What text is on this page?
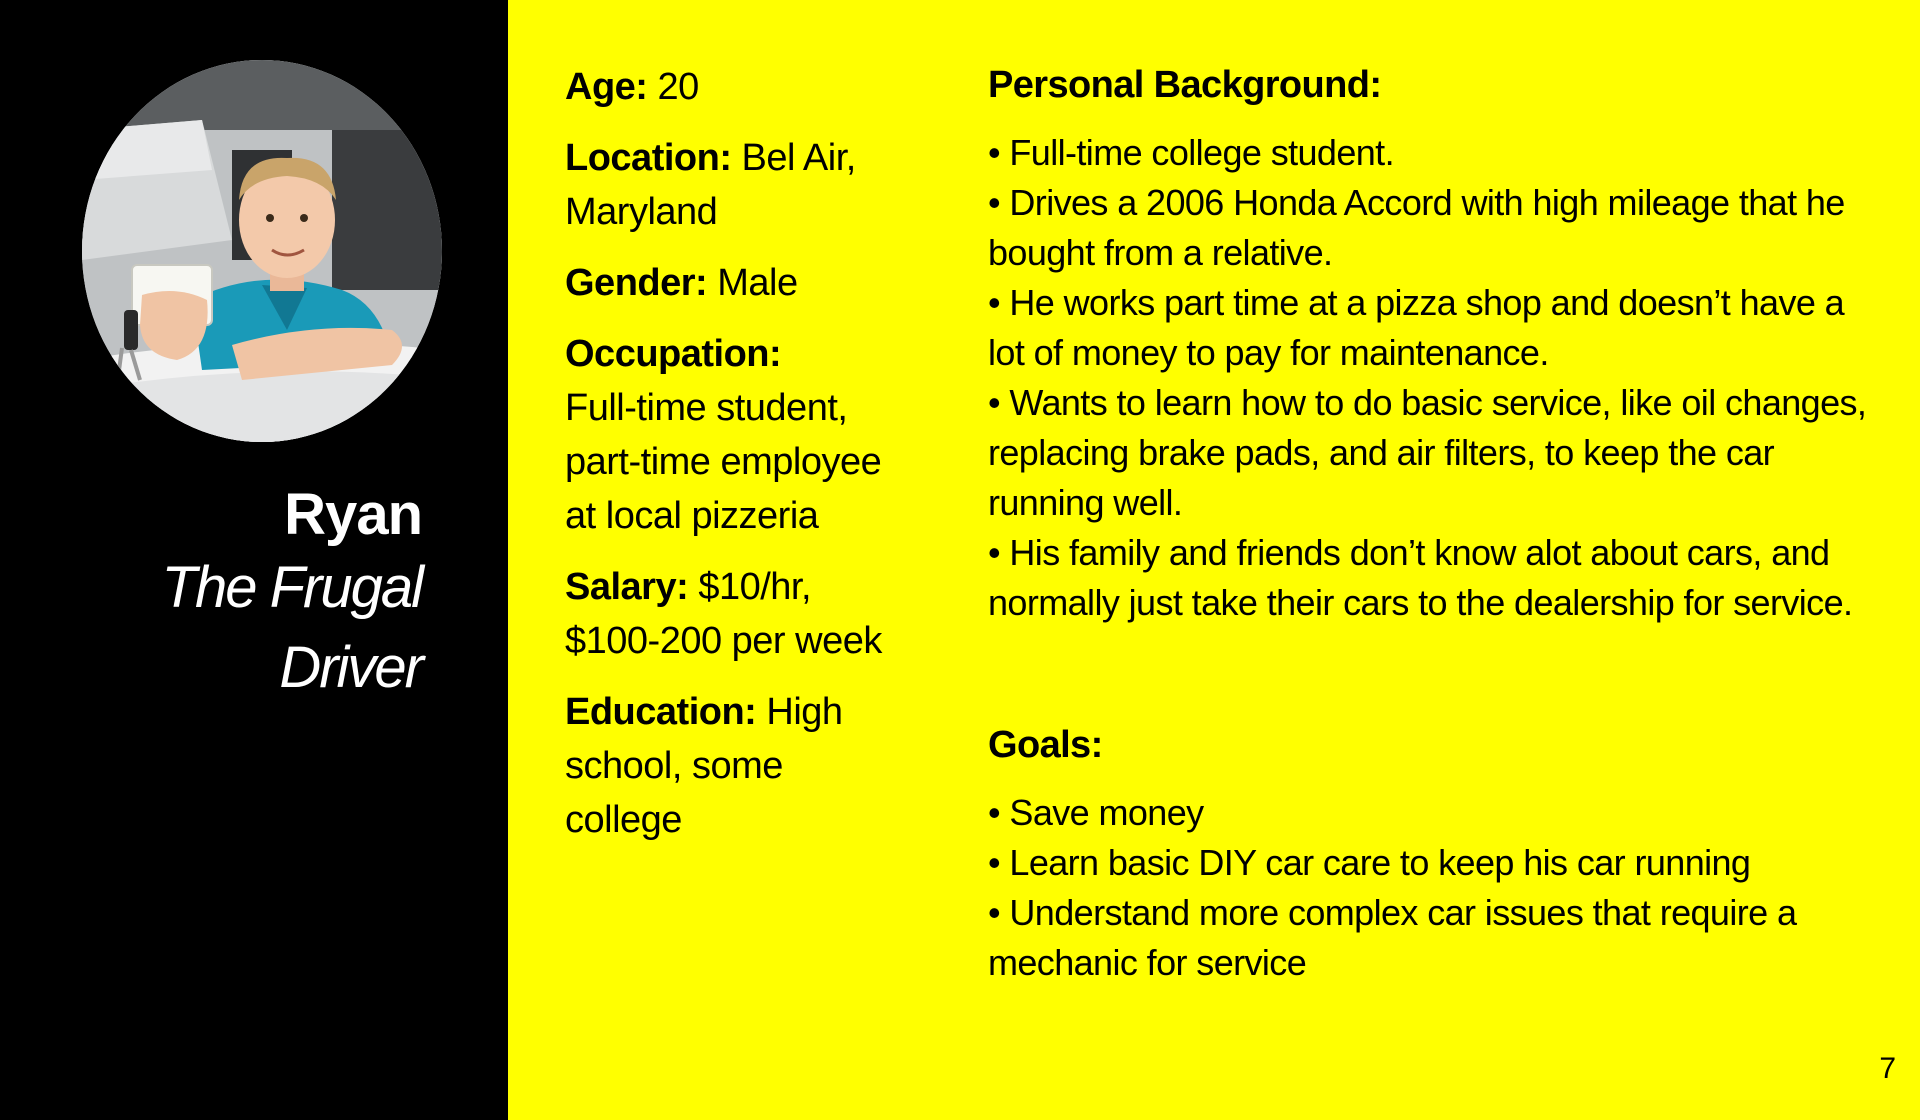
Ryan
The Frugal
Driver
Age: 20
Location: Bel Air, Maryland
Gender: Male
Occupation:
Full-time student, part-time employee at local pizzeria
Salary: $10/hr, $100-200 per week
Education: High school, some college
Personal Background:
• Full-time college student.
• Drives a 2006 Honda Accord with high mileage that he bought from a relative.
• He works part time at a pizza shop and doesn’t have a lot of money to pay for maintenance.
• Wants to learn how to do basic service, like oil changes, replacing brake pads, and air filters, to keep the car running well.
• His family and friends don’t know alot about cars, and normally just take their cars to the dealership for service.
Goals:
• Save money
• Learn basic DIY car care to keep his car running
• Understand more complex car issues that require a mechanic for service
7
